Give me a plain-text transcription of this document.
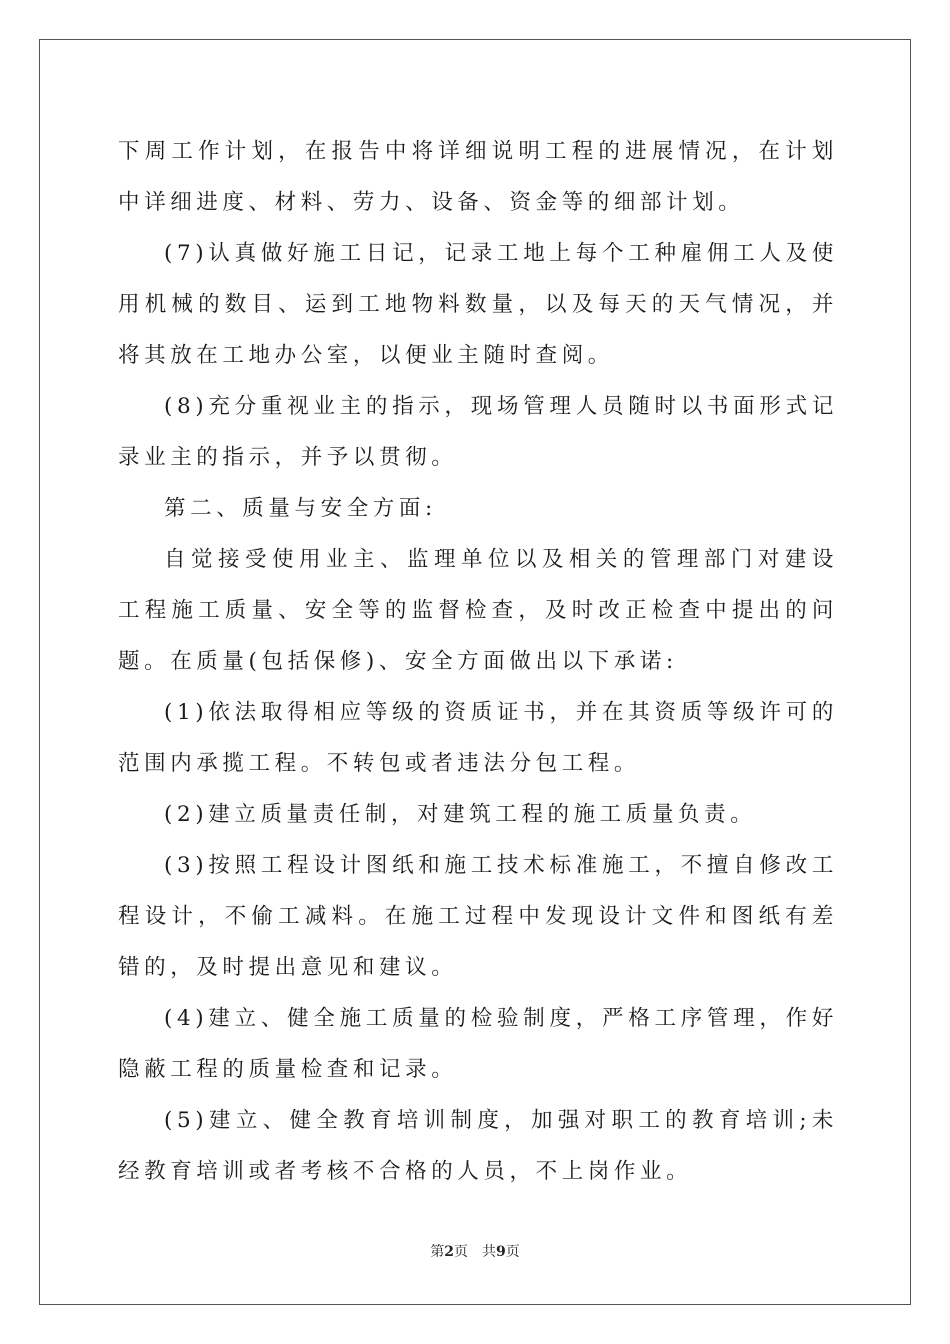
下周工作计划，在报告中将详细说明工程的进展情况，在计划中详细进度、材料、劳力、设备、资金等的细部计划。

(7)认真做好施工日记，记录工地上每个工种雇佣工人及使用机械的数目、运到工地物料数量，以及每天的天气情况，并将其放在工地办公室，以便业主随时查阅。

(8)充分重视业主的指示，现场管理人员随时以书面形式记录业主的指示，并予以贯彻。

第二、质量与安全方面:

自觉接受使用业主、监理单位以及相关的管理部门对建设工程施工质量、安全等的监督检查，及时改正检查中提出的问题。在质量(包括保修)、安全方面做出以下承诺:

(1)依法取得相应等级的资质证书，并在其资质等级许可的范围内承揽工程。不转包或者违法分包工程。

(2)建立质量责任制，对建筑工程的施工质量负责。

(3)按照工程设计图纸和施工技术标准施工，不擅自修改工程设计，不偷工减料。在施工过程中发现设计文件和图纸有差错的，及时提出意见和建议。

(4)建立、健全施工质量的检验制度，严格工序管理，作好隐蔽工程的质量检查和记录。

(5)建立、健全教育培训制度，加强对职工的教育培训;未经教育培训或者考核不合格的人员，不上岗作业。

第2页 共9页
